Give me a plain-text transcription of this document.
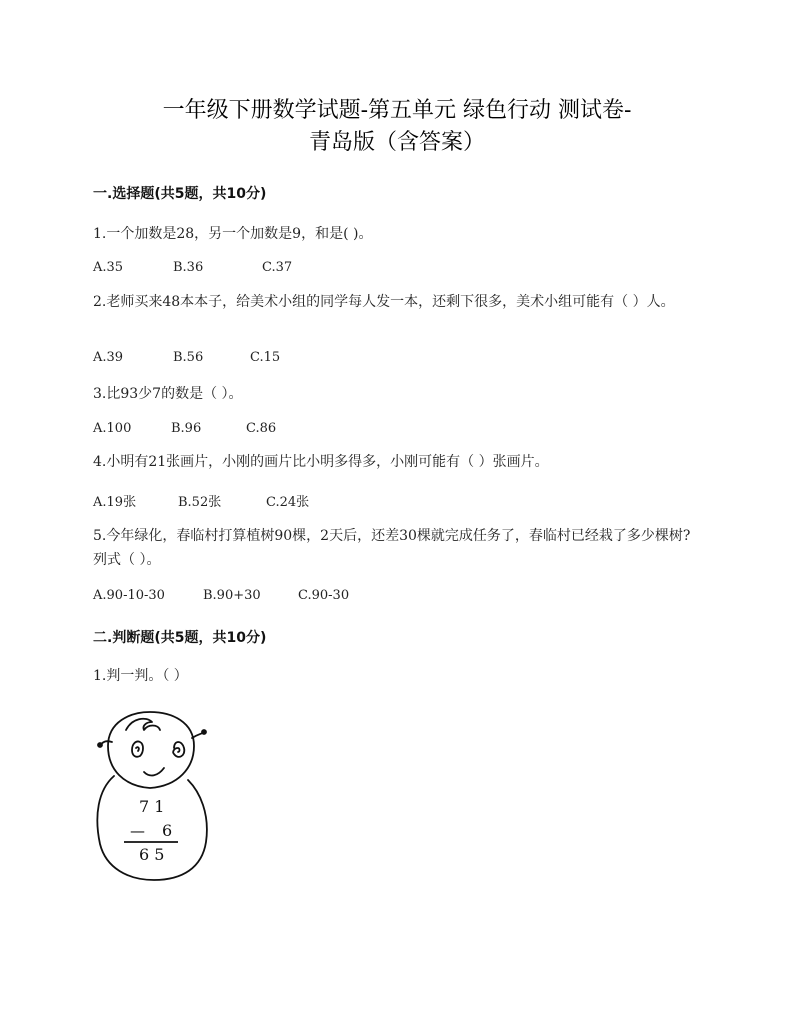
一年级下册数学试题-第五单元 绿色行动 测试卷-
青岛版（含答案）
一.选择题(共5题，共10分)
1.一个加数是28，另一个加数是9，和是( )。
A.35	B.36	C.37
2.老师买来48本本子，给美术小组的同学每人发一本，还剩下很多，美术小组可能有（ ）人。
A.39	B.56	C.15
3.比93少7的数是（ ）。
A.100	B.96	C.86
4.小明有21张画片，小刚的画片比小明多得多，小刚可能有（ ）张画片。
A.19张	B.52张	C.24张
5.今年绿化，春临村打算植树90棵，2天后，还差30棵就完成任务了，春临村已经栽了多少棵树?列式（ ）。
A.90-10-30	B.90+30	C.90-30
二.判断题(共5题，共10分)
1.判一判。（ ）
7 1
— 6
6 5
